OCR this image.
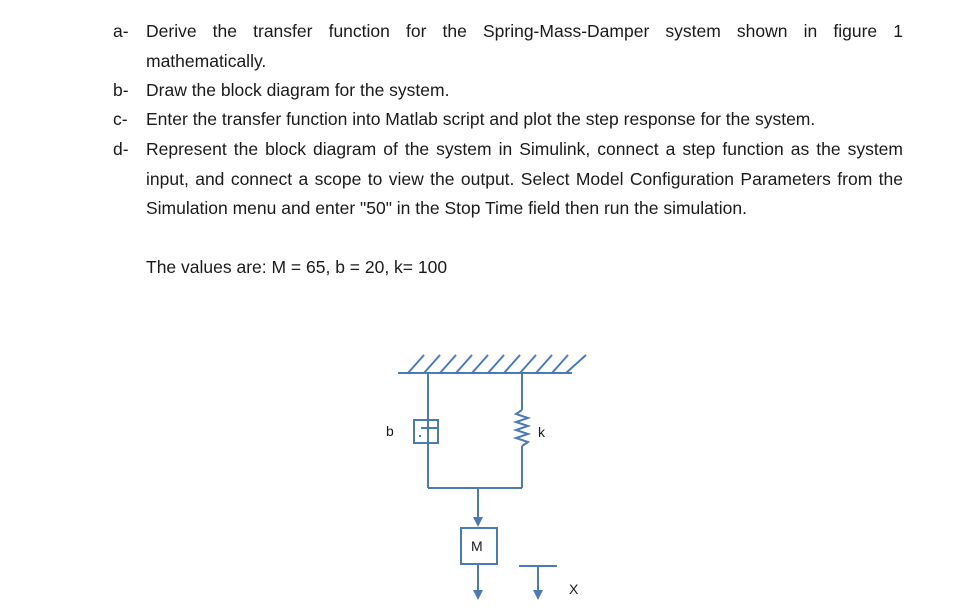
a- Derive the transfer function for the Spring-Mass-Damper system shown in figure 1 mathematically.
b- Draw the block diagram for the system.
c-	Enter the transfer function into Matlab script and plot the step response for the system.
d- Represent the block diagram of the system in Simulink, connect a step function as the system input, and connect a scope to view the output. Select Model Configuration Parameters from the Simulation menu and enter "50" in the Stop Time field then run the simulation.
The values are: M = 65, b = 20, k= 100
b	k
M
X
